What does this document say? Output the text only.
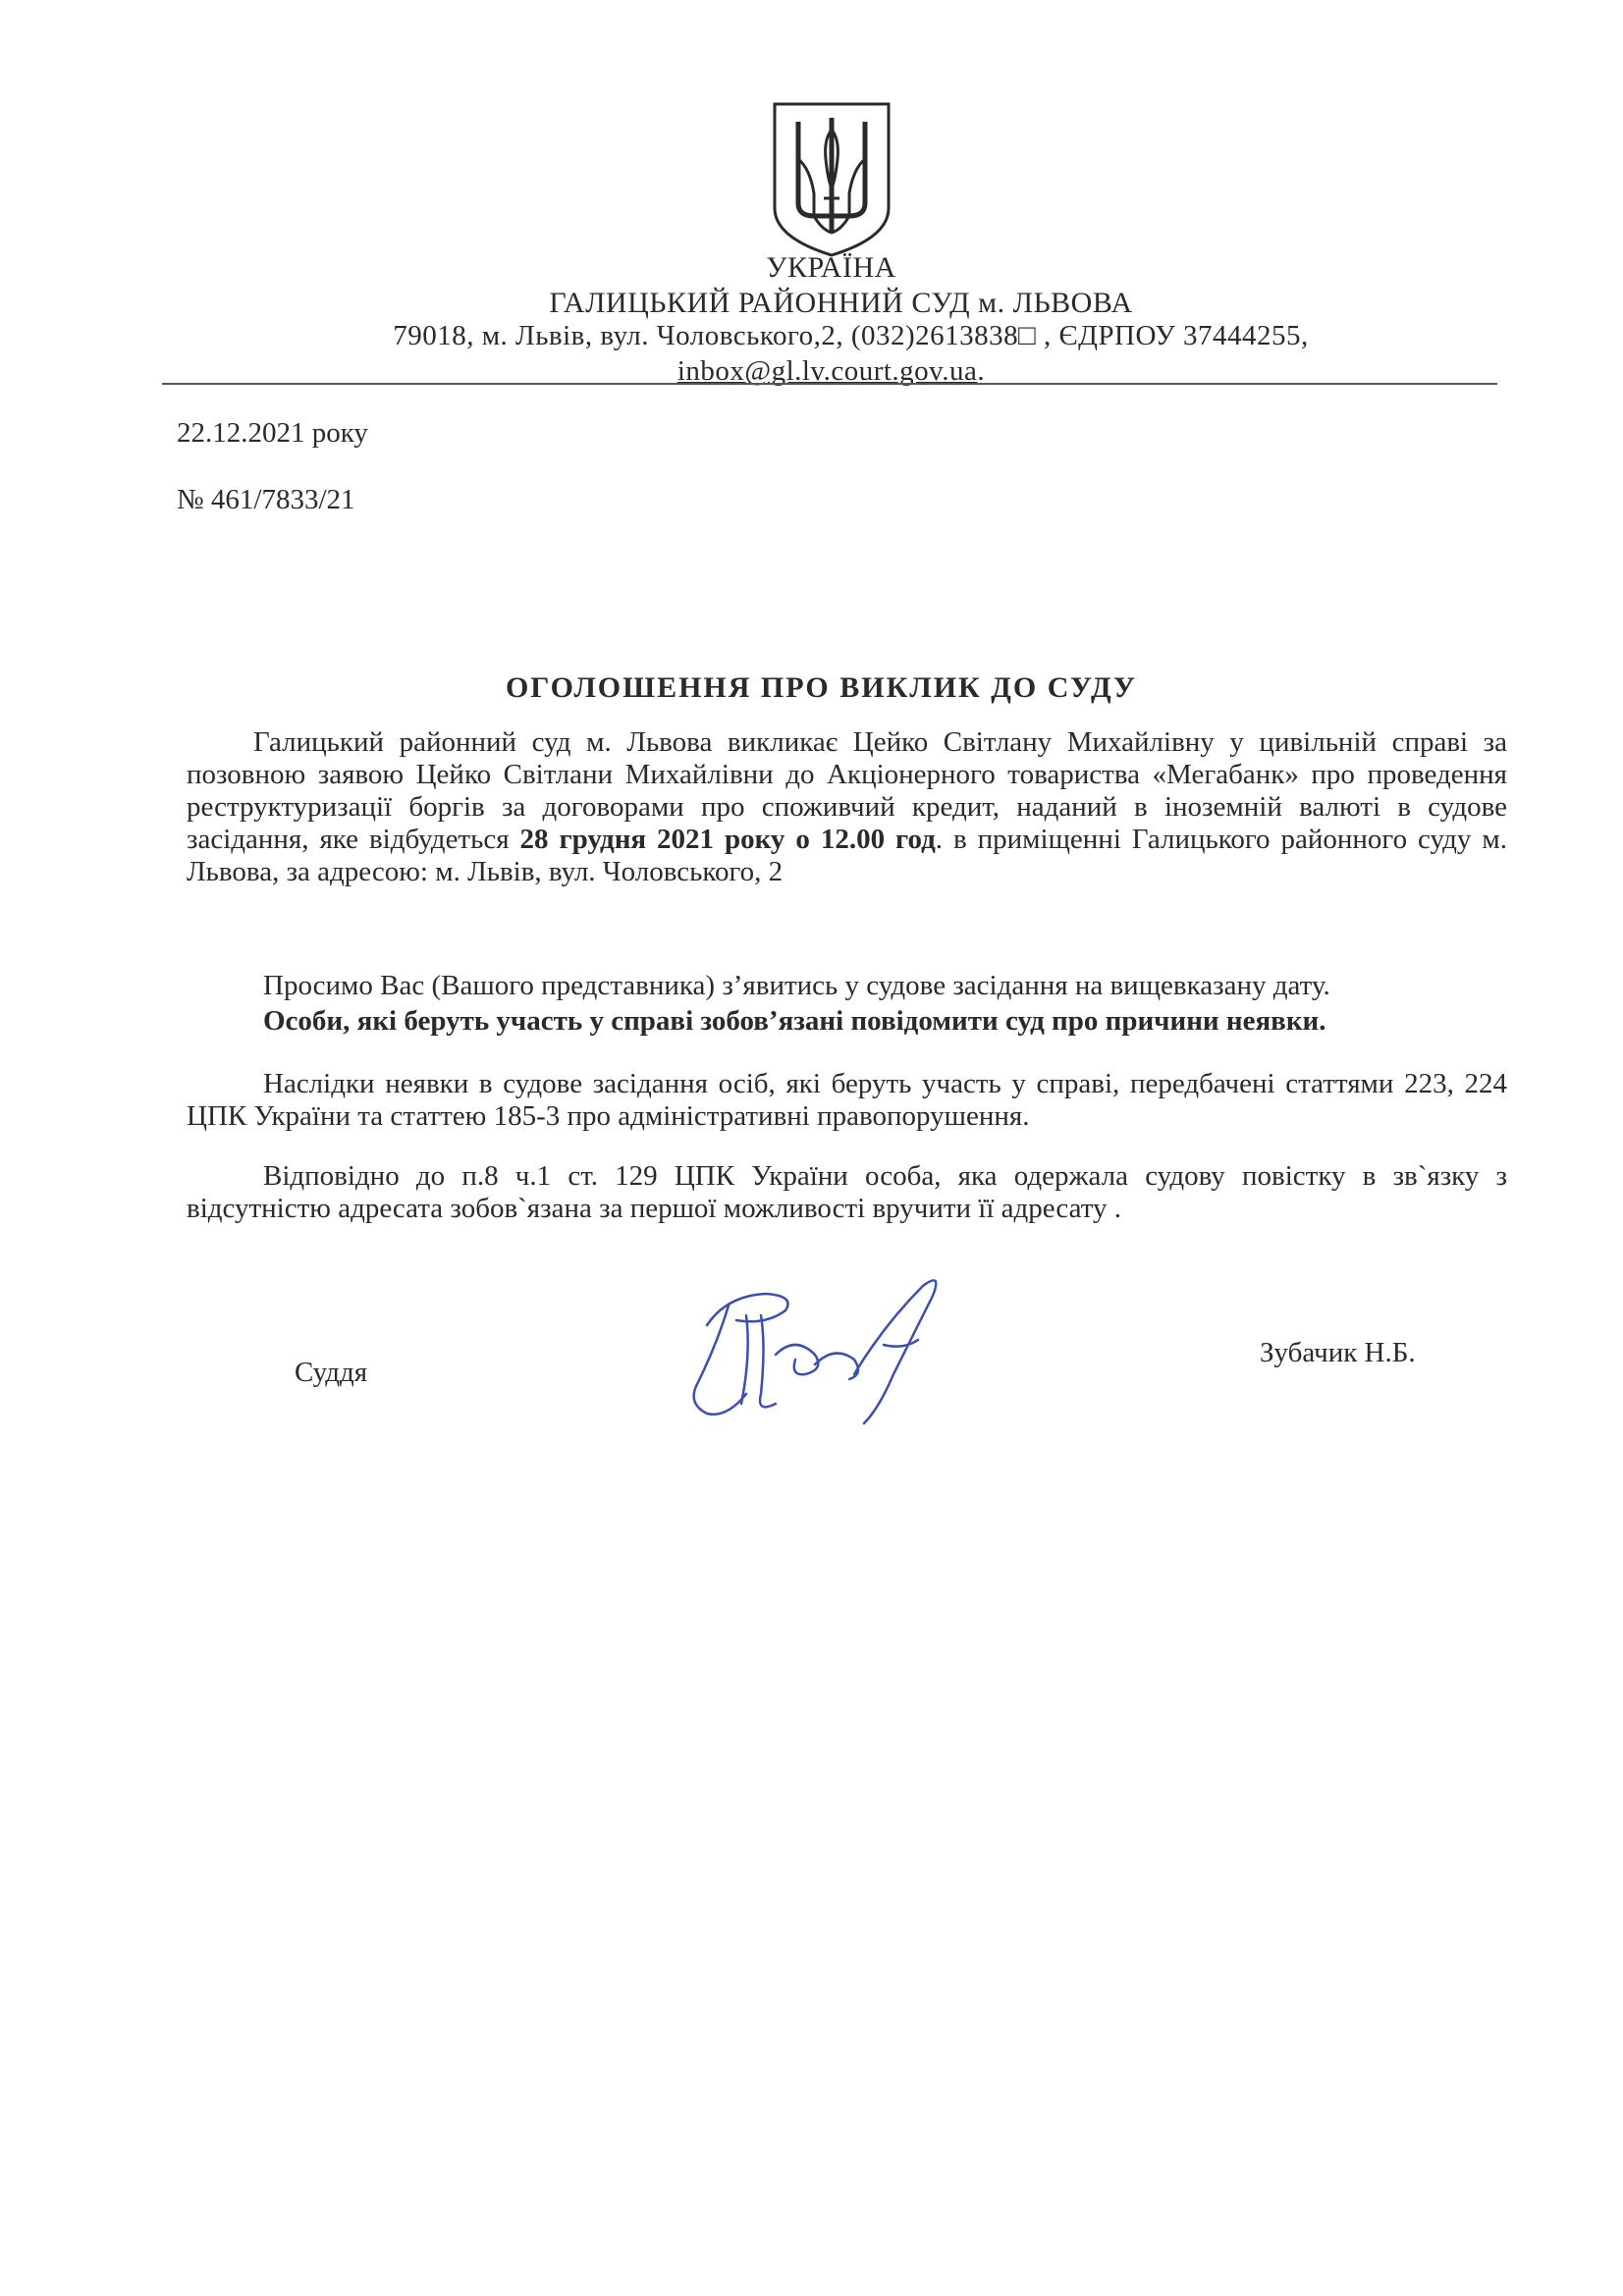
УКРАЇНА
ГАЛИЦЬКИЙ РАЙОННИЙ СУД м. ЛЬВОВА
79018, м. Львів, вул. Чоловського,2, (032)2613838□ , ЄДРПОУ 37444255,
inbox@gl.lv.court.gov.ua.
22.12.2021 року
№ 461/7833/21
ОГОЛОШЕННЯ ПРО ВИКЛИК ДО СУДУ
Галицький районний суд м. Львова викликає Цейко Світлану Михайлівну у цивільній справі за позовною заявою Цейко Світлани Михайлівни до Акціонерного товариства «Мегабанк» про проведення реструктуризації боргів за договорами про споживчий кредит, наданий в іноземній валюті в судове засідання, яке відбудеться 28 грудня 2021 року о 12.00 год. в приміщенні Галицького районного суду м. Львова, за адресою: м. Львів, вул. Чоловського, 2
Просимо Вас (Вашого представника) з’явитись у судове засідання на вищевказану дату.
Особи, які беруть участь у справі зобов’язані повідомити суд про причини неявки.
Наслідки неявки в судове засідання осіб, які беруть участь у справі, передбачені статтями 223, 224 ЦПК України та статтею 185-3 про адміністративні правопорушення.
Відповідно до п.8 ч.1 ст. 129 ЦПК України особа, яка одержала судову повістку в зв`язку з відсутністю адресата зобов`язана за першої можливості вручити її адресату .
Суддя
Зубачик Н.Б.
